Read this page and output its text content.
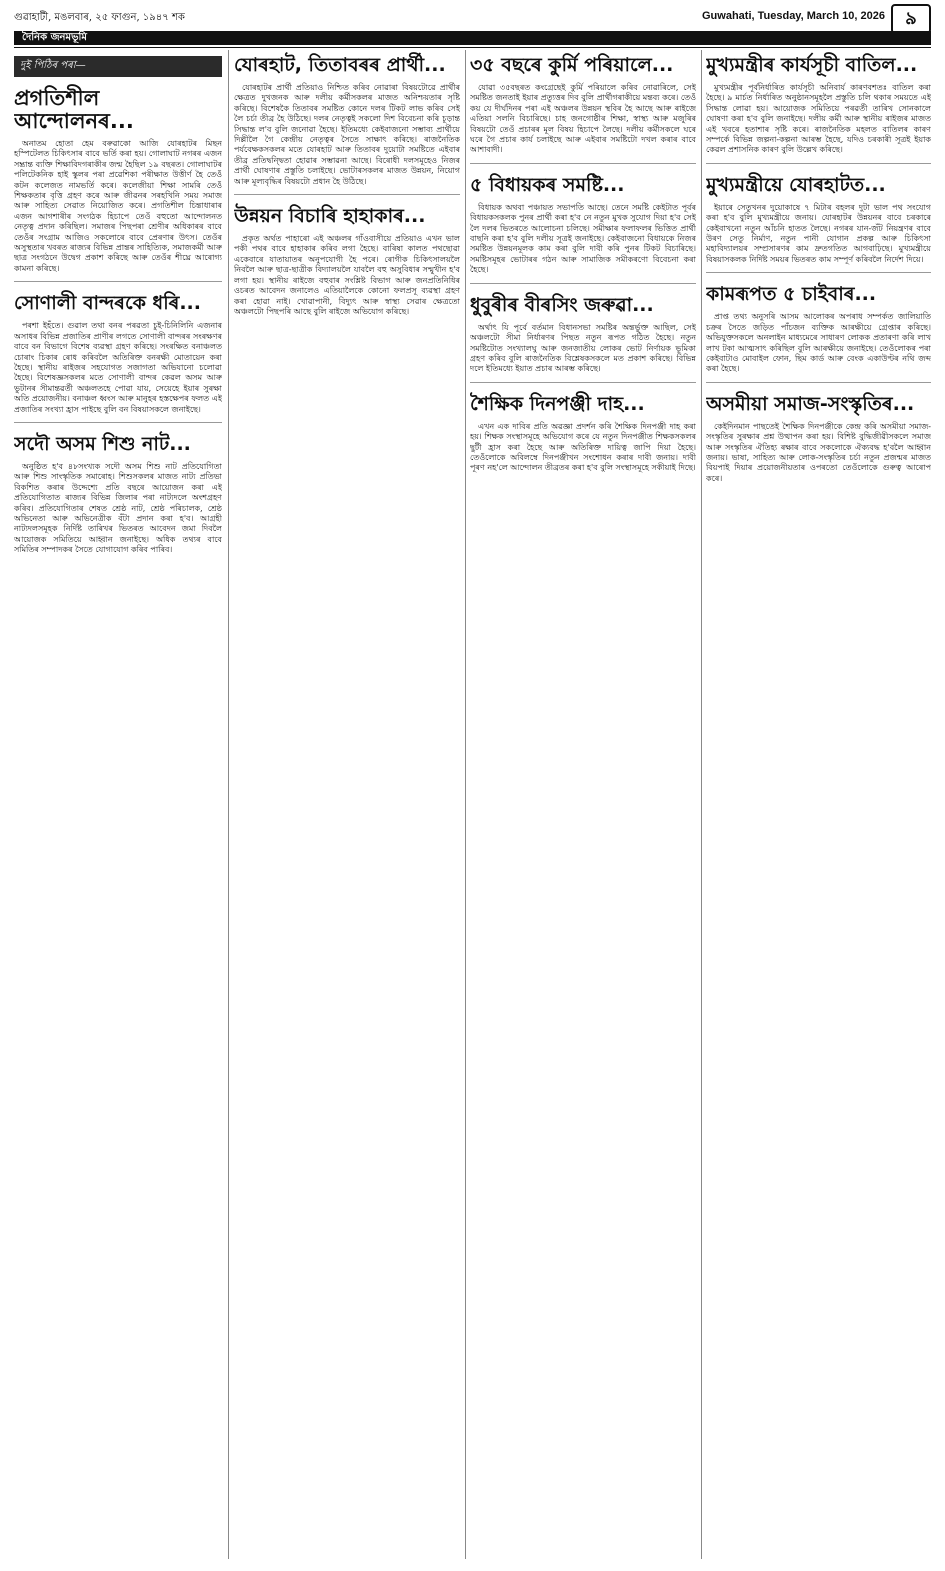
গুৱাহাটী, মঙলবাৰ, ২৫ ফাগুন, ১৯৪৭ শক	Guwahati, Tuesday, March 10, 2026	৯
দৈনিক জনমভূমি
দুই পিঠিৰ পৰা—
প্ৰগতিশীল আন্দোলনৰ...

অনাতম হোতা হেম বৰুৱাকো আজি যোৰহাটৰ মিছন হস্পিটেলত চিকিৎসাৰ বাবে ভৰ্তি কৰা হয়। গোলাঘাট নগৰৰ এজন সম্ভ্ৰান্ত ব্যক্তি শিক্ষাবিদগৰাকীৰ জন্ম হৈছিল ১৯ বছৰত। গোলাঘাটৰ পলিটেকনিক হাই স্কুলৰ পৰা প্ৰৱেশিকা পৰীক্ষাত উত্তীৰ্ণ হৈ তেওঁ কটন কলেজত নামভৰ্তি কৰে। কলেজীয়া শিক্ষা সামৰি তেওঁ শিক্ষকতাৰ বৃত্তি গ্ৰহণ কৰে আৰু জীৱনৰ সৰহখিনি সময় সমাজ আৰু সাহিত্য সেৱাত নিয়োজিত কৰে। প্ৰগতিশীল চিন্তাধাৰাৰ এজন আগশাৰীৰ সংগঠক হিচাপে তেওঁ বহুতো আন্দোলনত নেতৃত্ব প্ৰদান কৰিছিল। সমাজৰ পিছপৰা শ্ৰেণীৰ অধিকাৰৰ বাবে তেওঁৰ সংগ্ৰাম আজিও সকলোৰে বাবে প্ৰেৰণাৰ উৎস। তেওঁৰ অসুস্থতাৰ খবৰত ৰাজ্যৰ বিভিন্ন প্ৰান্তৰ সাহিত্যিক, সমাজকৰ্মী আৰু ছাত্ৰ সংগঠনে উদ্বেগ প্ৰকাশ কৰিছে আৰু তেওঁৰ শীঘ্ৰে আৰোগ্য কামনা কৰিছে।

সোণালী বান্দৰকে ধৰি...

পৰশা ইহঁতে। গুৱাল তথা বনৰ পৰৱতা চুই-চিনিলিনি এজনাৰ অসাধৰ বিভিন্ন প্ৰজাতিৰ প্ৰাণীৰ লগতে সোণালী বান্দৰৰ সংৰক্ষণৰ বাবে বন বিভাগে বিশেষ ব্যৱস্থা গ্ৰহণ কৰিছে। সংৰক্ষিত বনাঞ্চলত চোৰাং চিকাৰ ৰোধ কৰিবলৈ অতিৰিক্ত বনৰক্ষী মোতায়েন কৰা হৈছে। স্থানীয় ৰাইজৰ সহযোগত সজাগতা অভিযানো চলোৱা হৈছে। বিশেষজ্ঞসকলৰ মতে সোণালী বান্দৰ কেৱল অসম আৰু ভুটানৰ সীমান্তৱৰ্তী অঞ্চলতহে পোৱা যায়, সেয়েহে ইয়াৰ সুৰক্ষা অতি প্ৰয়োজনীয়। বনাঞ্চল ধ্বংস আৰু মানুহৰ হস্তক্ষেপৰ ফলত এই প্ৰজাতিৰ সংখ্যা হ্ৰাস পাইছে বুলি বন বিষয়াসকলে জনাইছে।

সদৌ অসম শিশু নাট...

অনুষ্ঠিত হ'ব ৪৮সংখ্যক সদৌ অসম শিশু নাট প্ৰতিযোগিতা আৰু শিশু সাংস্কৃতিক সমাৰোহ। শিশুসকলৰ মাজত নাট্য প্ৰতিভা বিকশিত কৰাৰ উদ্দেশ্যে প্ৰতি বছৰে আয়োজন কৰা এই প্ৰতিযোগিতাত ৰাজ্যৰ বিভিন্ন জিলাৰ পৰা নাট্যদলে অংশগ্ৰহণ কৰিব। প্ৰতিযোগিতাৰ শেষত শ্ৰেষ্ঠ নাট, শ্ৰেষ্ঠ পৰিচালক, শ্ৰেষ্ঠ অভিনেতা আৰু অভিনেত্ৰীক বঁটা প্ৰদান কৰা হ'ব। আগ্ৰহী নাট্যদলসমূহক নিৰ্দিষ্ট তাৰিখৰ ভিতৰত আবেদন জমা দিবলৈ আয়োজক সমিতিয়ে আহ্বান জনাইছে। অধিক তথ্যৰ বাবে সমিতিৰ সম্পাদকৰ সৈতে যোগাযোগ কৰিব পাৰিব।

যোৰহাট, তিতাবৰৰ প্ৰাৰ্থী...

যোৰহাটৰ প্ৰাৰ্থী প্ৰতিয়াও নিশ্চিত কৰিব নোৱাৰা বিষয়টোৱে প্ৰাৰ্থীৰ ক্ষেত্ৰত দুখজনক আৰু দলীয় কৰ্মীসকলৰ মাজত অনিশ্চয়তাৰ সৃষ্টি কৰিছে। বিশেষকৈ তিতাবৰ সমষ্টিত কোনে দলৰ টিকট লাভ কৰিব সেই লৈ চৰ্চা তীব্ৰ হৈ উঠিছে। দলৰ নেতৃত্বই সকলো দিশ বিবেচনা কৰি চূড়ান্ত সিদ্ধান্ত ল'ব বুলি জনোৱা হৈছে। ইতিমধ্যে কেইবাজনো সম্ভাব্য প্ৰাৰ্থীয়ে দিল্লীলৈ গৈ কেন্দ্ৰীয় নেতৃত্বৰ সৈতে সাক্ষাৎ কৰিছে। ৰাজনৈতিক পৰ্যবেক্ষকসকলৰ মতে যোৰহাট আৰু তিতাবৰ দুয়োটা সমষ্টিতে এইবাৰ তীব্ৰ প্ৰতিদ্বন্দ্বিতা হোৱাৰ সম্ভাৱনা আছে। বিৰোধী দলসমূহেও নিজৰ প্ৰাৰ্থী ঘোষণাৰ প্ৰস্তুতি চলাইছে। ভোটাৰসকলৰ মাজত উন্নয়ন, নিয়োগ আৰু মূল্যবৃদ্ধিৰ বিষয়টো প্ৰধান হৈ উঠিছে।

উন্নয়ন বিচাৰি হাহাকাৰ...

প্ৰকৃত অৰ্থত পাহাৰো এই অঞ্চলৰ গাঁওবাসীয়ে প্ৰতিয়াও এখন ভাল পকী পথৰ বাবে হাহাকাৰ কৰিব লগা হৈছে। বাৰিষা কালত পথছোৱা একেবাৰে যাতায়াতৰ অনুপযোগী হৈ পৰে। ৰোগীক চিকিৎসালয়লৈ নিবলৈ আৰু ছাত্ৰ-ছাত্ৰীক বিদ্যালয়লৈ যাবলৈ বহু অসুবিধাৰ সন্মুখীন হ'ব লগা হয়। স্থানীয় ৰাইজে বহুবাৰ সংশ্লিষ্ট বিভাগ আৰু জনপ্ৰতিনিধিৰ ওচৰত আবেদন জনালেও এতিয়ালৈকে কোনো ফলপ্ৰসূ ব্যৱস্থা গ্ৰহণ কৰা হোৱা নাই। খোৱাপানী, বিদ্যুৎ আৰু স্বাস্থ্য সেৱাৰ ক্ষেত্ৰতো অঞ্চলটো পিছপৰি আছে বুলি ৰাইজে অভিযোগ কৰিছে।

৩৫ বছৰে কুৰ্মি পৰিয়ালে...

যোৱা ৩৫বছৰত কংগ্ৰেছেই কুৰ্মি পৰিয়ালে কৰিব নোৱাৰিলে, সেই সমষ্টিত জনতাই ইয়াৰ প্ৰত্যুত্তৰ দিব বুলি প্ৰাৰ্থীগৰাকীয়ে মন্তব্য কৰে। তেওঁ কয় যে দীৰ্ঘদিনৰ পৰা এই অঞ্চলৰ উন্নয়ন স্থবিৰ হৈ আছে আৰু ৰাইজে এতিয়া সলনি বিচাৰিছে। চাহ জনগোষ্ঠীৰ শিক্ষা, স্বাস্থ্য আৰু মজুৰিৰ বিষয়টো তেওঁ প্ৰচাৰৰ মূল বিষয় হিচাপে লৈছে। দলীয় কৰ্মীসকলে ঘৰে ঘৰে গৈ প্ৰচাৰ কাৰ্য চলাইছে আৰু এইবাৰ সমষ্টিটো দখল কৰাৰ বাবে আশাবাদী।

৫ বিধায়কৰ সমষ্টি...

বিধায়ক অথবা পঞ্চায়ত সভাপতি আছে। তেনে সমষ্টি কেইটাত পূৰ্বৰ বিধায়কসকলক পুনৰ প্ৰাৰ্থী কৰা হ'ব নে নতুন মুখক সুযোগ দিয়া হ'ব সেই লৈ দলৰ ভিতৰতে আলোচনা চলিছে। সমীক্ষাৰ ফলাফলৰ ভিত্তিত প্ৰাৰ্থী বাছনি কৰা হ'ব বুলি দলীয় সূত্ৰই জনাইছে। কেইবাজনো বিধায়কে নিজৰ সমষ্টিত উন্নয়নমূলক কাম কৰা বুলি দাবী কৰি পুনৰ টিকট বিচাৰিছে। সমষ্টিসমূহৰ ভোটাৰৰ গঠন আৰু সামাজিক সমীকৰণো বিবেচনা কৰা হৈছে।

ধুবুৰীৰ বীৰসিং জৰুৱা...

অৰ্থাৎ যি পূৰ্বে বৰ্তমান বিধানসভা সমষ্টিৰ অন্তৰ্ভুক্ত আছিল, সেই অঞ্চলটো সীমা নিৰ্ধাৰণৰ পিছত নতুন ৰূপত গঠিত হৈছে। নতুন সমষ্টিটোত সংখ্যালঘু আৰু জনজাতীয় লোকৰ ভোট নিৰ্ণায়ক ভূমিকা গ্ৰহণ কৰিব বুলি ৰাজনৈতিক বিশ্লেষকসকলে মত প্ৰকাশ কৰিছে। বিভিন্ন দলে ইতিমধ্যে ইয়াত প্ৰচাৰ আৰম্ভ কৰিছে।

শৈক্ষিক দিনপঞ্জী দাহ...

এখন এক দাবিৰ প্ৰতি অৱজ্ঞা প্ৰদৰ্শন কৰি শৈক্ষিক দিনপঞ্জী দাহ কৰা হয়। শিক্ষক সংস্থাসমূহে অভিযোগ কৰে যে নতুন দিনপঞ্জীত শিক্ষকসকলৰ ছুটী হ্ৰাস কৰা হৈছে আৰু অতিৰিক্ত দায়িত্ব জাপি দিয়া হৈছে। তেওঁলোকে অবিলম্বে দিনপঞ্জীখন সংশোধন কৰাৰ দাবী জনায়। দাবী পূৰণ নহ'লে আন্দোলন তীব্ৰতৰ কৰা হ'ব বুলি সংস্থাসমূহে সকীয়াই দিছে।

মুখ্যমন্ত্ৰীৰ কাৰ্যসূচী বাতিল...

মুখ্যমন্ত্ৰীৰ পূৰ্বনিৰ্ধাৰিত কাৰ্যসূচী অনিবাৰ্য কাৰণবশতঃ বাতিল কৰা হৈছে। ৯ মাৰ্চত নিৰ্ধাৰিত অনুষ্ঠানসমূহলৈ প্ৰস্তুতি চলি থকাৰ সময়তে এই সিদ্ধান্ত লোৱা হয়। আয়োজক সমিতিয়ে পৰৱৰ্তী তাৰিখ সোনকালে ঘোষণা কৰা হ'ব বুলি জনাইছে। দলীয় কৰ্মী আৰু স্থানীয় ৰাইজৰ মাজত এই খবৰে হতাশাৰ সৃষ্টি কৰে। ৰাজনৈতিক মহলত বাতিলৰ কাৰণ সম্পৰ্কে বিভিন্ন জল্পনা-কল্পনা আৰম্ভ হৈছে, যদিও চৰকাৰী সূত্ৰই ইয়াক কেৱল প্ৰশাসনিক কাৰণ বুলি উল্লেখ কৰিছে।

মুখ্যমন্ত্ৰীয়ে যোৰহাটত...

ইয়াৰে সেতুখনৰ দুয়োকাষে ৭ মিটাৰ বহলৰ দুটা ভাল পথ সংযোগ কৰা হ'ব বুলি মুখ্যমন্ত্ৰীয়ে জনায়। যোৰহাটৰ উন্নয়নৰ বাবে চৰকাৰে কেইবাখনো নতুন আঁচনি হাতত লৈছে। নগৰৰ যান-জঁট নিয়ন্ত্ৰণৰ বাবে উৰণ সেতু নিৰ্মাণ, নতুন পানী যোগান প্ৰকল্প আৰু চিকিৎসা মহাবিদ্যালয়ৰ সম্প্ৰসাৰণৰ কাম দ্ৰুতগতিত আগবাঢ়িছে। মুখ্যমন্ত্ৰীয়ে বিষয়াসকলক নিৰ্দিষ্ট সময়ৰ ভিতৰত কাম সম্পূৰ্ণ কৰিবলৈ নিৰ্দেশ দিয়ে।

কামৰূপত ৫ চাইবাৰ...

প্ৰাপ্ত তথ্য অনুসৰি আসম আলোকৰ অপৰাধ সম্পৰ্কত জালিয়াতি চক্ৰৰ সৈতে জড়িত পাঁচজন ব্যক্তিক আৰক্ষীয়ে গ্ৰেপ্তাৰ কৰিছে। অভিযুক্তসকলে অনলাইন মাধ্যমেৰে সাধাৰণ লোকক প্ৰতাৰণা কৰি লাখ লাখ টকা আত্মসাৎ কৰিছিল বুলি আৰক্ষীয়ে জনাইছে। তেওঁলোকৰ পৰা কেইবাটাও মোবাইল ফোন, ছিম কাৰ্ড আৰু বেংক একাউণ্টৰ নথি জব্দ কৰা হৈছে।

অসমীয়া সমাজ-সংস্কৃতিৰ...

কেইদিনমান পাছতেই শৈক্ষিক দিনপঞ্জীকে কেন্দ্ৰ কৰি অসমীয়া সমাজ-সংস্কৃতিৰ সুৰক্ষাৰ প্ৰশ্ন উত্থাপন কৰা হয়। বিশিষ্ট বুদ্ধিজীৱীসকলে সমাজ আৰু সংস্কৃতিৰ ঐতিহ্য ৰক্ষাৰ বাবে সকলোকে ঐক্যবদ্ধ হ'বলৈ আহ্বান জনায়। ভাষা, সাহিত্য আৰু লোক-সংস্কৃতিৰ চৰ্চা নতুন প্ৰজন্মৰ মাজত বিয়পাই দিয়াৰ প্ৰয়োজনীয়তাৰ ওপৰতো তেওঁলোকে গুৰুত্ব আৰোপ কৰে।
